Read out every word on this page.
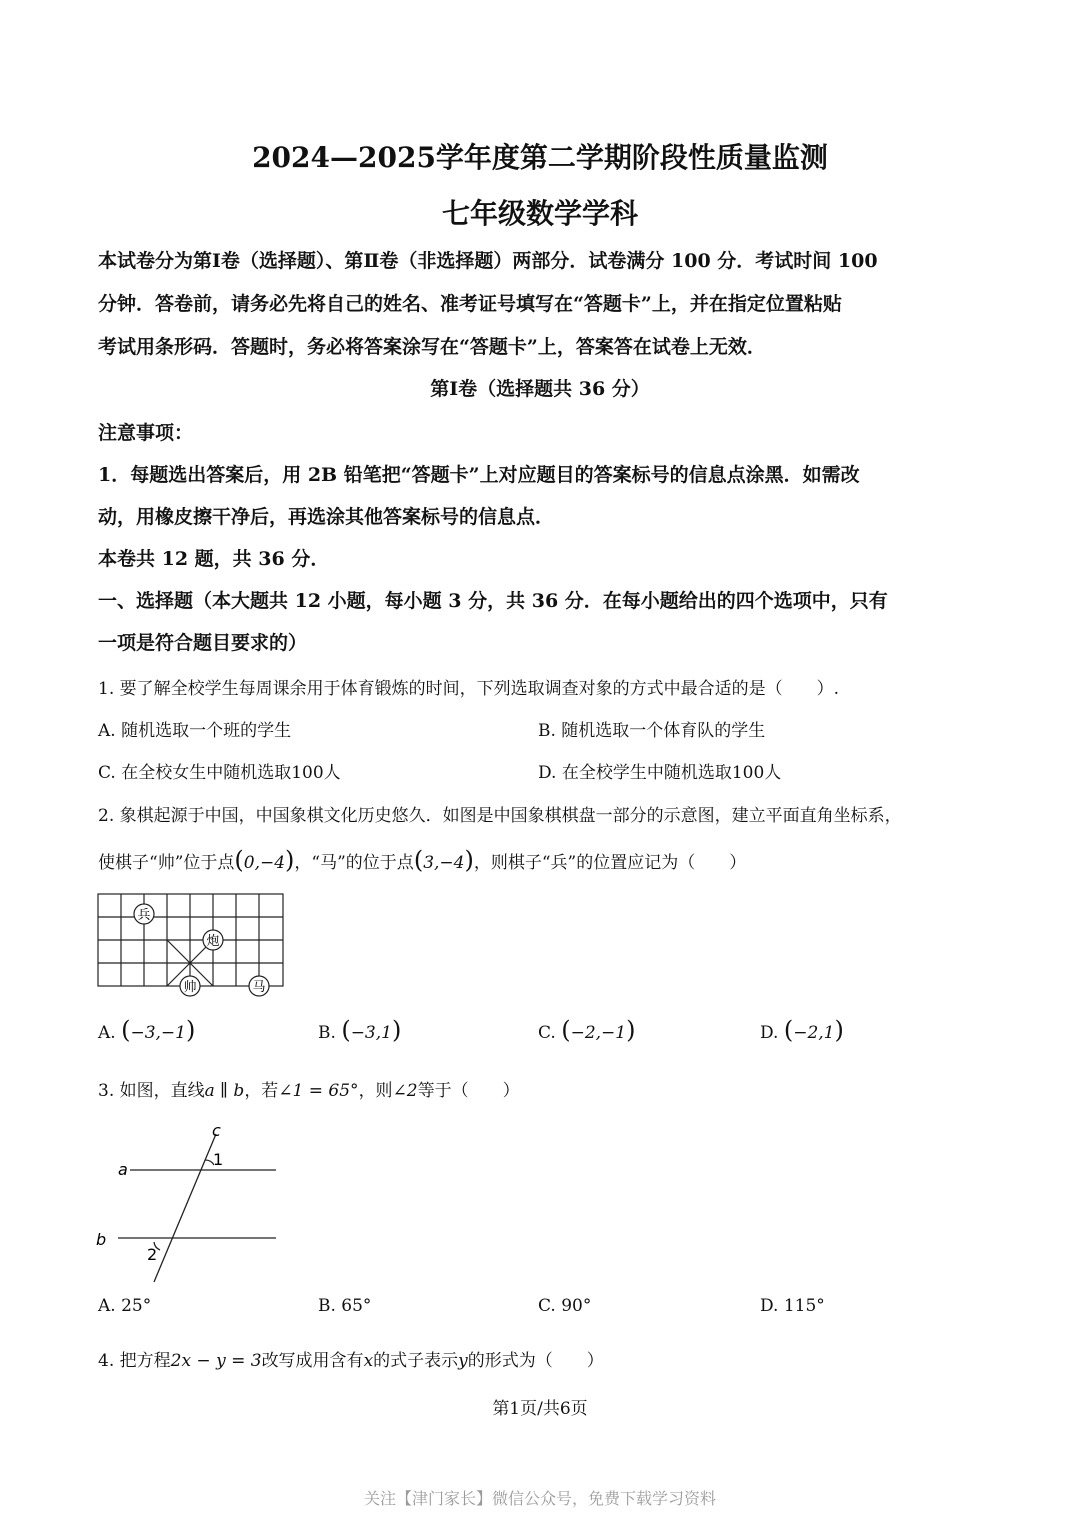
2024—2025学年度第二学期阶段性质量监测
七年级数学学科
本试卷分为第Ⅰ卷（选择题）、第Ⅱ卷（非选择题）两部分．试卷满分 100 分．考试时间 100
分钟．答卷前，请务必先将自己的姓名、准考证号填写在“答题卡”上，并在指定位置粘贴
考试用条形码．答题时，务必将答案涂写在“答题卡”上，答案答在试卷上无效．
第Ⅰ卷（选择题共 36 分）
注意事项：
1．每题选出答案后，用 2B 铅笔把“答题卡”上对应题目的答案标号的信息点涂黑．如需改
动，用橡皮擦干净后，再选涂其他答案标号的信息点．
本卷共 12 题，共 36 分．
一、选择题（本大题共 12 小题，每小题 3 分，共 36 分．在每小题给出的四个选项中，只有
一项是符合题目要求的）
1. 要了解全校学生每周课余用于体育锻炼的时间，下列选取调查对象的方式中最合适的是（　　）.
A. 随机选取一个班的学生	B. 随机选取一个体育队的学生
C. 在全校女生中随机选取100人	D. 在全校学生中随机选取100人
2. 象棋起源于中国，中国象棋文化历史悠久．如图是中国象棋棋盘一部分的示意图，建立平面直角坐标系，
使棋子“帅”位于点(0,−4)，“马”的位于点(3,−4)，则棋子“兵”的位置应记为（　　）
兵
炮
帅	马
A. (−3,−1)	B. (−3,1)	C. (−2,−1)	D. (−2,1)
3. 如图，直线a ∥ b，若∠1 = 65°，则∠2等于（　　）
c
a
b
1
2
A. 25°	B. 65°	C. 90°	D. 115°
4. 把方程2x − y = 3改写成用含有x的式子表示y的形式为（　　）
第1页/共6页
关注【津门家长】微信公众号，免费下载学习资料
